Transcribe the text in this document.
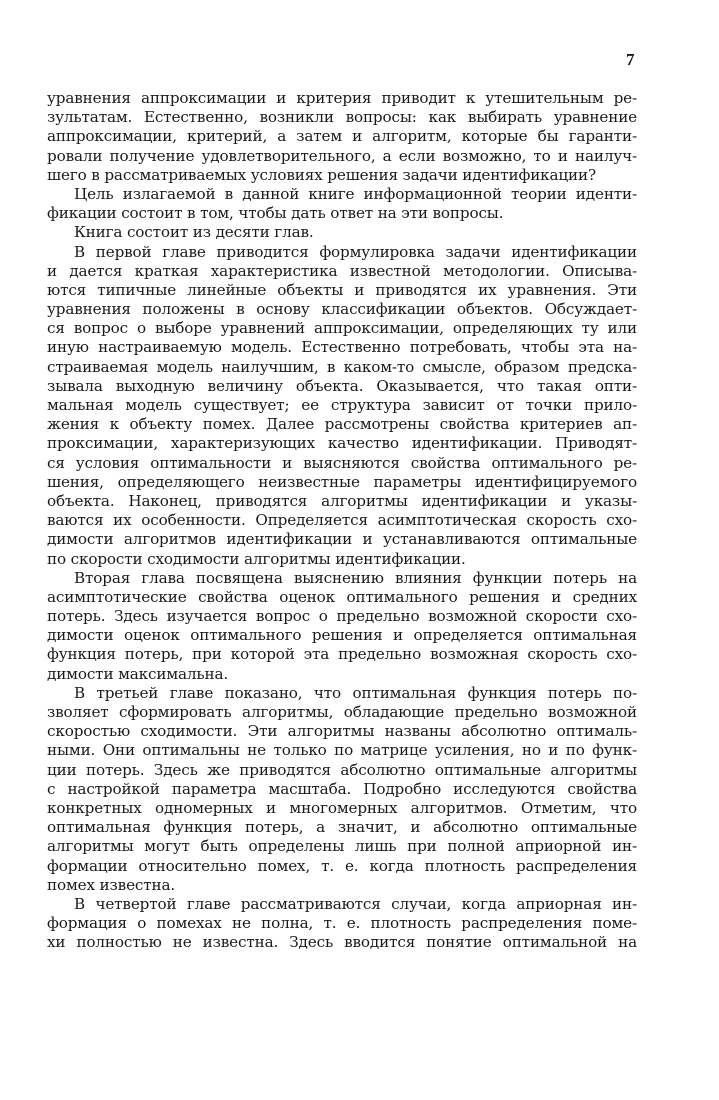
7
уравнения аппроксимации и критерия приводит к утешительным ре-
зультатам. Естественно, возникли вопросы: как выбирать уравнение
аппроксимации, критерий, а затем и алгоритм, которые бы гаранти-
ровали получение удовлетворительного, а если возможно, то и наилуч-
шего в рассматриваемых условиях решения задачи идентификации?
Цель излагаемой в данной книге информационной теории иденти-
фикации состоит в том, чтобы дать ответ на эти вопросы.
Книга состоит из десяти глав.
В первой главе приводится формулировка задачи идентификации
и дается краткая характеристика известной методологии. Описыва-
ются типичные линейные объекты и приводятся их уравнения. Эти
уравнения положены в основу классификации объектов. Обсуждает-
ся вопрос о выборе уравнений аппроксимации, определяющих ту или
иную настраиваемую модель. Естественно потребовать, чтобы эта на-
страиваемая модель наилучшим, в каком-то смысле, образом предска-
зывала выходную величину объекта. Оказывается, что такая опти-
мальная модель существует; ее структура зависит от точки прило-
жения к объекту помех. Далее рассмотрены свойства критериев ап-
проксимации, характеризующих качество идентификации. Приводят-
ся условия оптимальности и выясняются свойства оптимального ре-
шения, определяющего неизвестные параметры идентифицируемого
объекта. Наконец, приводятся алгоритмы идентификации и указы-
ваются их особенности. Определяется асимптотическая скорость схо-
димости алгоритмов идентификации и устанавливаются оптимальные
по скорости сходимости алгоритмы идентификации.
Вторая глава посвящена выяснению влияния функции потерь на
асимптотические свойства оценок оптимального решения и средних
потерь. Здесь изучается вопрос о предельно возможной скорости схо-
димости оценок оптимального решения и определяется оптимальная
функция потерь, при которой эта предельно возможная скорость схо-
димости максимальна.
В третьей главе показано, что оптимальная функция потерь по-
зволяет сформировать алгоритмы, обладающие предельно возможной
скоростью сходимости. Эти алгоритмы названы абсолютно оптималь-
ными. Они оптимальны не только по матрице усиления, но и по функ-
ции потерь. Здесь же приводятся абсолютно оптимальные алгоритмы
с настройкой параметра масштаба. Подробно исследуются свойства
конкретных одномерных и многомерных алгоритмов. Отметим, что
оптимальная функция потерь, а значит, и абсолютно оптимальные
алгоритмы могут быть определены лишь при полной априорной ин-
формации относительно помех, т. е. когда плотность распределения
помех известна.
В четвертой главе рассматриваются случаи, когда априорная ин-
формация о помехах не полна, т. е. плотность распределения поме-
хи полностью не известна. Здесь вводится понятие оптимальной на
